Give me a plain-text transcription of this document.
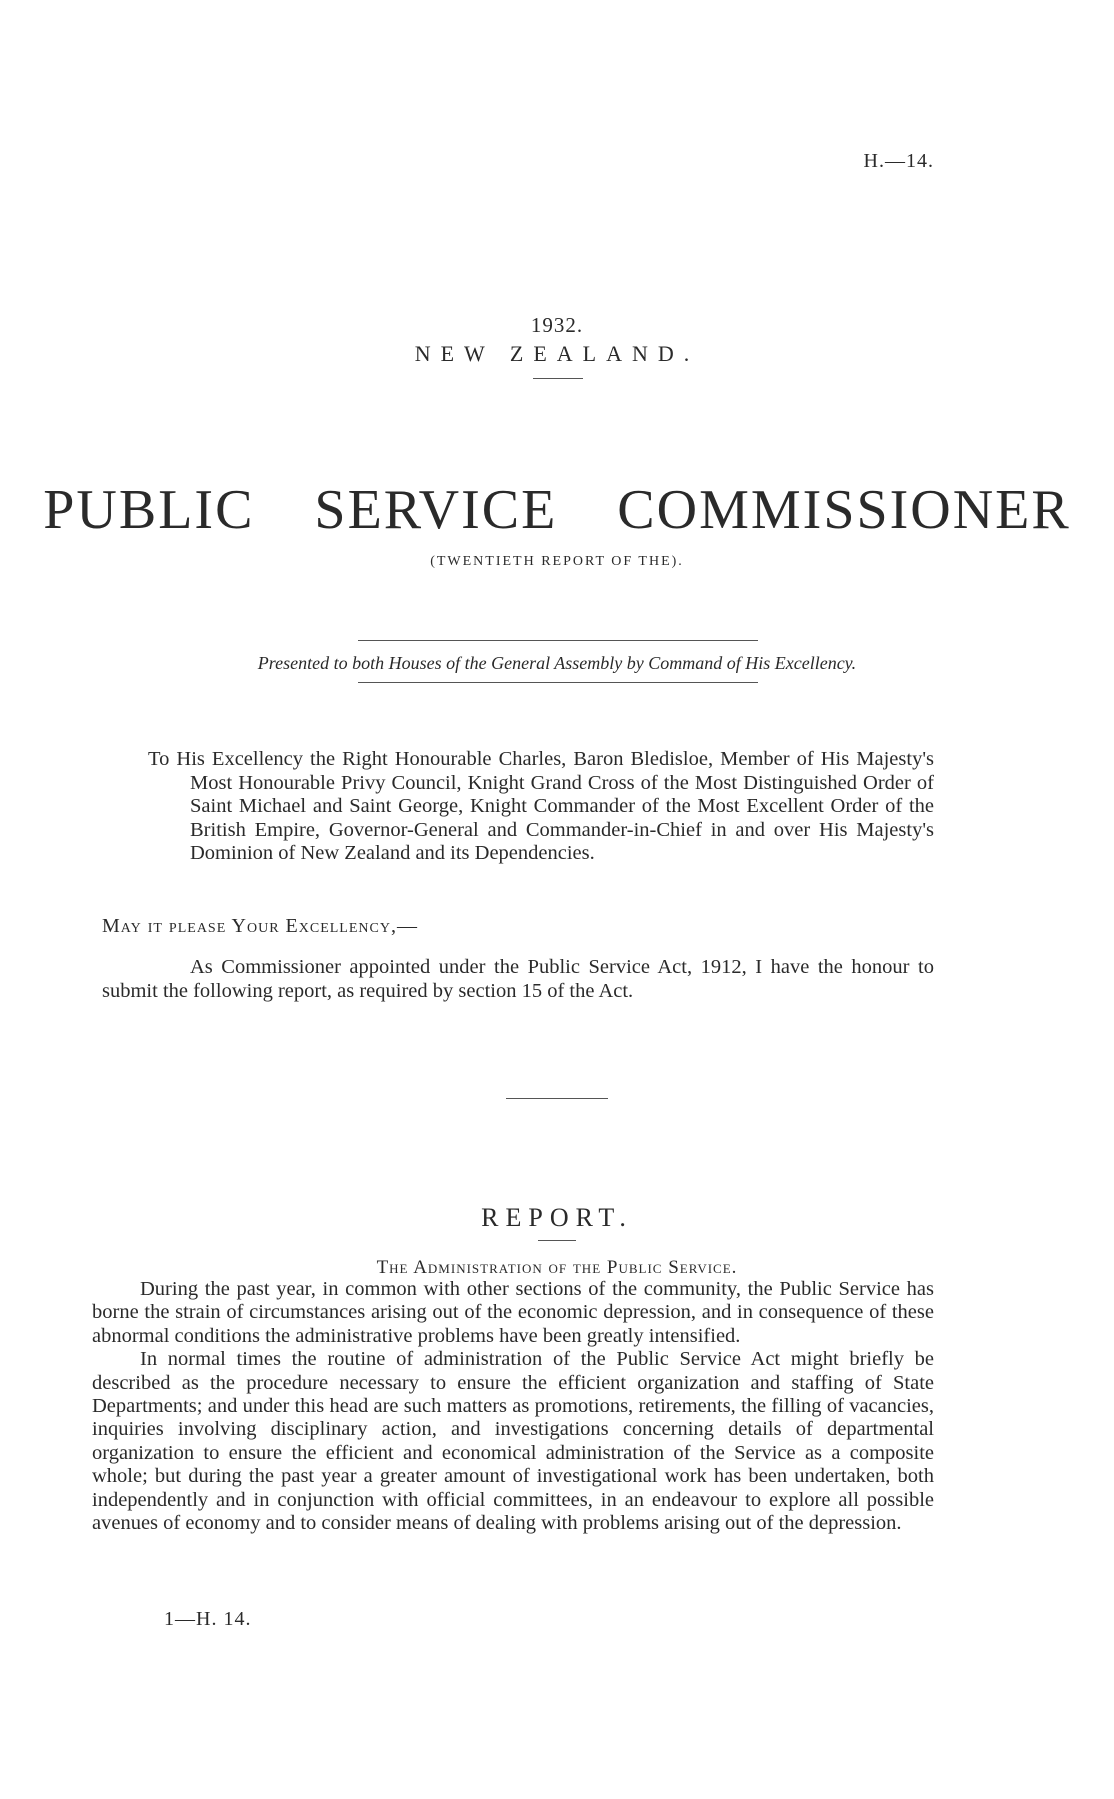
H.—14.
1932.
NEW ZEALAND.
PUBLIC SERVICE COMMISSIONER
(TWENTIETH REPORT OF THE).
Presented to both Houses of the General Assembly by Command of His Excellency.

To His Excellency the Right Honourable Charles, Baron Bledisloe, Member of His Majesty's Most Honourable Privy Council, Knight Grand Cross of the Most Distinguished Order of Saint Michael and Saint George, Knight Commander of the Most Excellent Order of the British Empire, Governor-General and Commander-in-Chief in and over His Majesty's Dominion of New Zealand and its Dependencies.

May it please Your Excellency,—

As Commissioner appointed under the Public Service Act, 1912, I have the honour to submit the following report, as required by section 15 of the Act.

REPORT.
The Administration of the Public Service.

During the past year, in common with other sections of the community, the Public Service has borne the strain of circumstances arising out of the economic depression, and in consequence of these abnormal conditions the administrative problems have been greatly intensified.

In normal times the routine of administration of the Public Service Act might briefly be described as the procedure necessary to ensure the efficient organization and staffing of State Departments; and under this head are such matters as promotions, retirements, the filling of vacancies, inquiries involving disciplinary action, and investigations concerning details of departmental organization to ensure the efficient and economical administration of the Service as a composite whole; but during the past year a greater amount of investigational work has been undertaken, both independently and in conjunction with official committees, in an endeavour to explore all possible avenues of economy and to consider means of dealing with problems arising out of the depression.

1—H. 14.
